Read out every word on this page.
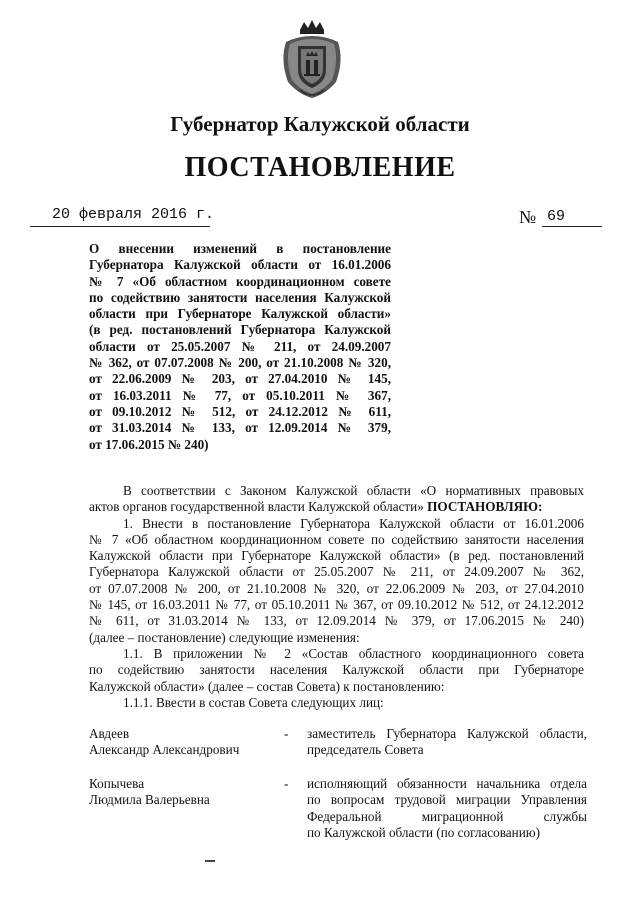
Губернатор Калужской области
ПОСТАНОВЛЕНИЕ
20 февраля 2016 г.	№ 69
О внесении изменений в постановление
Губернатора Калужской области от 16.01.2006
№ 7 «Об областном координационном совете
по содействию занятости населения Калужской
области при Губернаторе Калужской области»
(в ред. постановлений Губернатора Калужской
области от 25.05.2007 № 211, от 24.09.2007
№ 362, от 07.07.2008 № 200, от 21.10.2008 № 320,
от 22.06.2009 № 203, от 27.04.2010 № 145,
от 16.03.2011 № 77, от 05.10.2011 № 367,
от 09.10.2012 № 512, от 24.12.2012 № 611,
от 31.03.2014 № 133, от 12.09.2014 № 379,
от 17.06.2015 № 240)
В соответствии с Законом Калужской области «О нормативных правовых
актов органов государственной власти Калужской области» ПОСТАНОВЛЯЮ:
1. Внести в постановление Губернатора Калужской области от 16.01.2006
№ 7 «Об областном координационном совете по содействию занятости населения
Калужской области при Губернаторе Калужской области» (в ред. постановлений
Губернатора Калужской области от 25.05.2007 № 211, от 24.09.2007 № 362,
от 07.07.2008 № 200, от 21.10.2008 № 320, от 22.06.2009 № 203, от 27.04.2010
№ 145, от 16.03.2011 № 77, от 05.10.2011 № 367, от 09.10.2012 № 512, от 24.12.2012
№ 611, от 31.03.2014 № 133, от 12.09.2014 № 379, от 17.06.2015 № 240)
(далее – постановление) следующие изменения:
1.1. В приложении № 2 «Состав областного координационного совета
по содействию занятости населения Калужской области при Губернаторе
Калужской области» (далее – состав Совета) к постановлению:
1.1.1. Ввести в состав Совета следующих лиц:
Авдеев
Александр Александрович
- заместитель Губернатора Калужской области,
председатель Совета
Копычева
Людмила Валерьевна
- исполняющий обязанности начальника отдела
по вопросам трудовой миграции Управления
Федеральной миграционной службы
по Калужской области (по согласованию)
